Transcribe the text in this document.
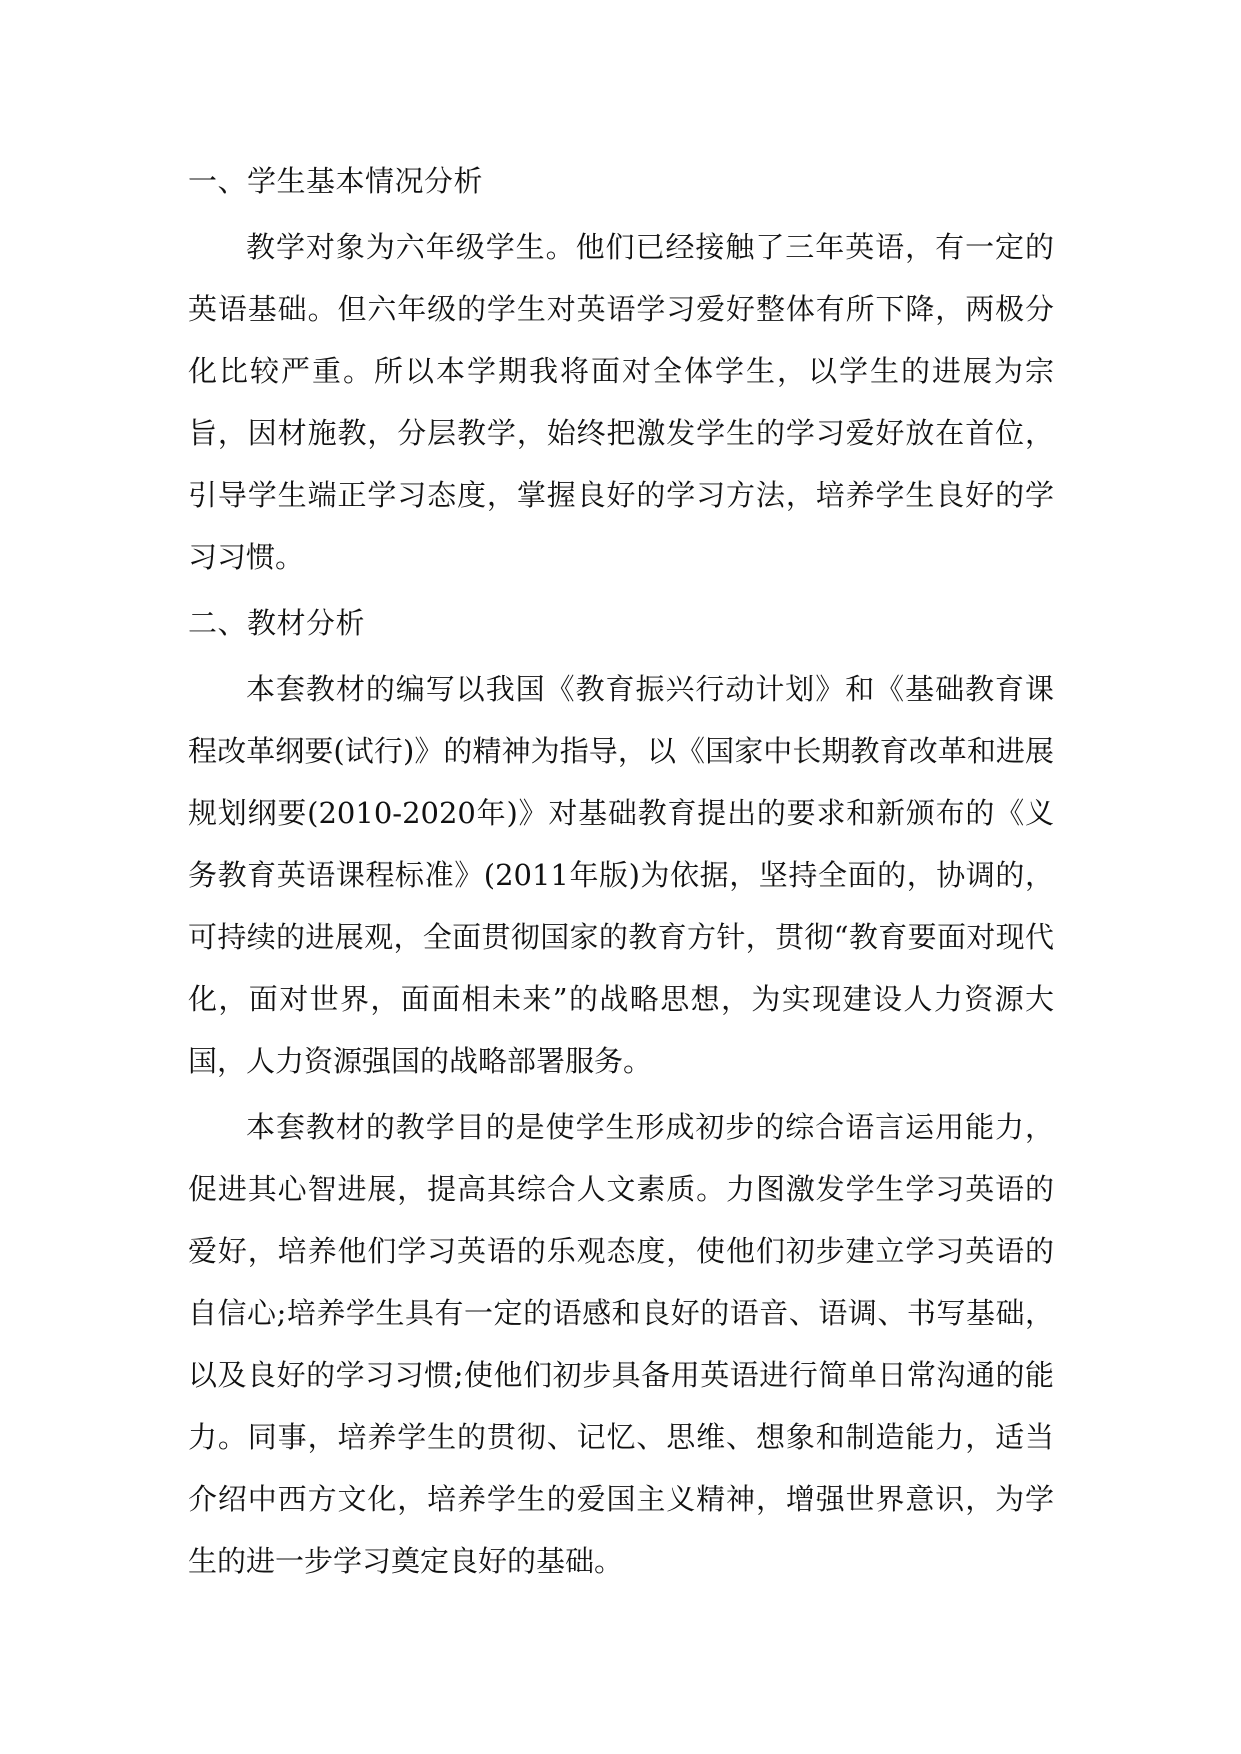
一、学生基本情况分析

教学对象为六年级学生。他们已经接触了三年英语，有一定的英语基础。但六年级的学生对英语学习爱好整体有所下降，两极分化比较严重。所以本学期我将面对全体学生，以学生的进展为宗旨，因材施教，分层教学，始终把激发学生的学习爱好放在首位，引导学生端正学习态度，掌握良好的学习方法，培养学生良好的学习习惯。

二、教材分析

本套教材的编写以我国《教育振兴行动计划》和《基础教育课程改革纲要(试行)》的精神为指导，以《国家中长期教育改革和进展规划纲要(2010-2020年)》对基础教育提出的要求和新颁布的《义务教育英语课程标准》(2011年版)为依据，坚持全面的，协调的，可持续的进展观，全面贯彻国家的教育方针，贯彻“教育要面对现代化，面对世界，面面相未来”的战略思想，为实现建设人力资源大国，人力资源强国的战略部署服务。

本套教材的教学目的是使学生形成初步的综合语言运用能力，促进其心智进展，提高其综合人文素质。力图激发学生学习英语的爱好，培养他们学习英语的乐观态度，使他们初步建立学习英语的自信心;培养学生具有一定的语感和良好的语音、语调、书写基础，以及良好的学习习惯;使他们初步具备用英语进行简单日常沟通的能力。同事，培养学生的贯彻、记忆、思维、想象和制造能力，适当介绍中西方文化，培养学生的爱国主义精神，增强世界意识，为学生的进一步学习奠定良好的基础。
